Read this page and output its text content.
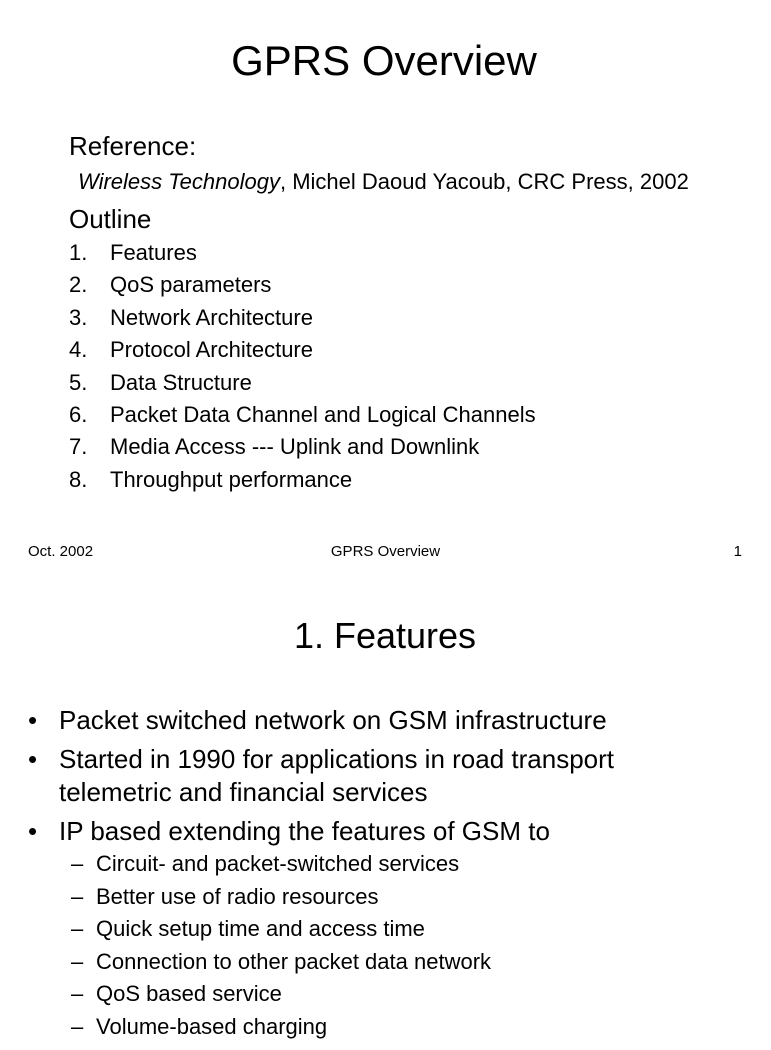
GPRS Overview
Reference:
Wireless Technology, Michel Daoud Yacoub, CRC Press, 2002
Outline
1. Features
2. QoS parameters
3. Network Architecture
4. Protocol Architecture
5. Data Structure
6. Packet Data Channel and Logical Channels
7. Media Access --- Uplink and Downlink
8. Throughput performance
Oct. 2002	GPRS Overview	1
1. Features
• Packet switched network on GSM infrastructure
• Started in 1990 for applications in road transport
telemetric and financial services
• IP based extending the features of GSM to
– Circuit- and packet-switched services
– Better use of radio resources
– Quick setup time and access time
– Connection to other packet data network
– QoS based service
– Volume-based charging
